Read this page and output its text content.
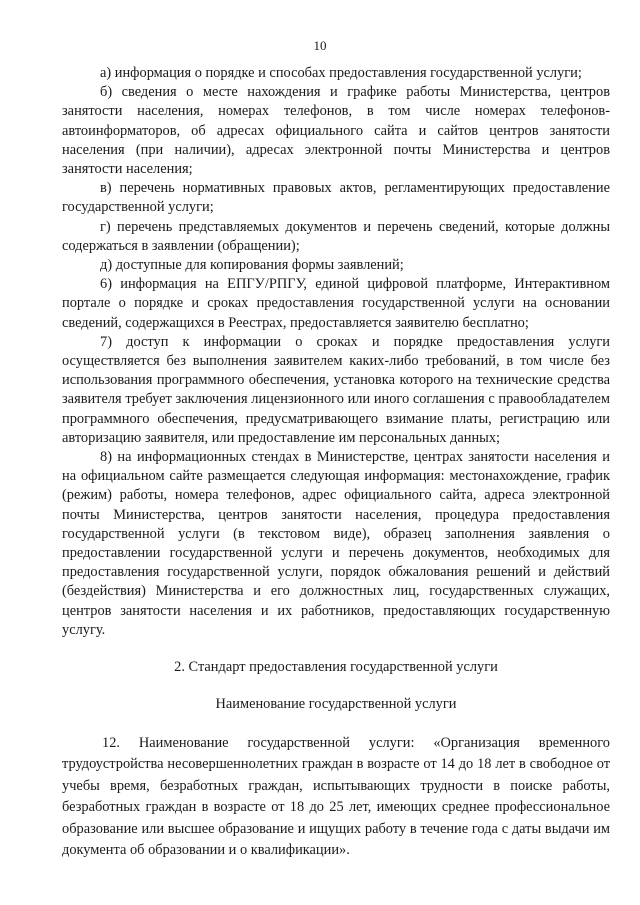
10

а) информация о порядке и способах предоставления государственной услуги;

б) сведения о месте нахождения и графике работы Министерства, центров занятости населения, номерах телефонов, в том числе номерах телефонов-автоинформаторов, об адресах официального сайта и сайтов центров занятости населения (при наличии), адресах электронной почты Министерства и центров занятости населения;

в) перечень нормативных правовых актов, регламентирующих предоставление государственной услуги;

г) перечень представляемых документов и перечень сведений, которые должны содержаться в заявлении (обращении);

д) доступные для копирования формы заявлений;

6) информация на ЕПГУ/РПГУ, единой цифровой платформе, Интерактивном портале о порядке и сроках предоставления государственной услуги на основании сведений, содержащихся в Реестрах, предоставляется заявителю бесплатно;

7) доступ к информации о сроках и порядке предоставления услуги осуществляется без выполнения заявителем каких-либо требований, в том числе без использования программного обеспечения, установка которого на технические средства заявителя требует заключения лицензионного или иного соглашения с правообладателем программного обеспечения, предусматривающего взимание платы, регистрацию или авторизацию заявителя, или предоставление им персональных данных;

8) на информационных стендах в Министерстве, центрах занятости населения и на официальном сайте размещается следующая информация: местонахождение, график (режим) работы, номера телефонов, адрес официального сайта, адреса электронной почты Министерства, центров занятости населения, процедура предоставления государственной услуги (в текстовом виде), образец заполнения заявления о предоставлении государственной услуги и перечень документов, необходимых для предоставления государственной услуги, порядок обжалования решений и действий (бездействия) Министерства и его должностных лиц, государственных служащих, центров занятости населения и их работников, предоставляющих государственную услугу.

2. Стандарт предоставления государственной услуги

Наименование государственной услуги

12. Наименование государственной услуги: «Организация временного трудоустройства несовершеннолетних граждан в возрасте от 14 до 18 лет в свободное от учебы время, безработных граждан, испытывающих трудности в поиске работы, безработных граждан в возрасте от 18 до 25 лет, имеющих среднее профессиональное образование или высшее образование и ищущих работу в течение года с даты выдачи им документа об образовании и о квалификации».
